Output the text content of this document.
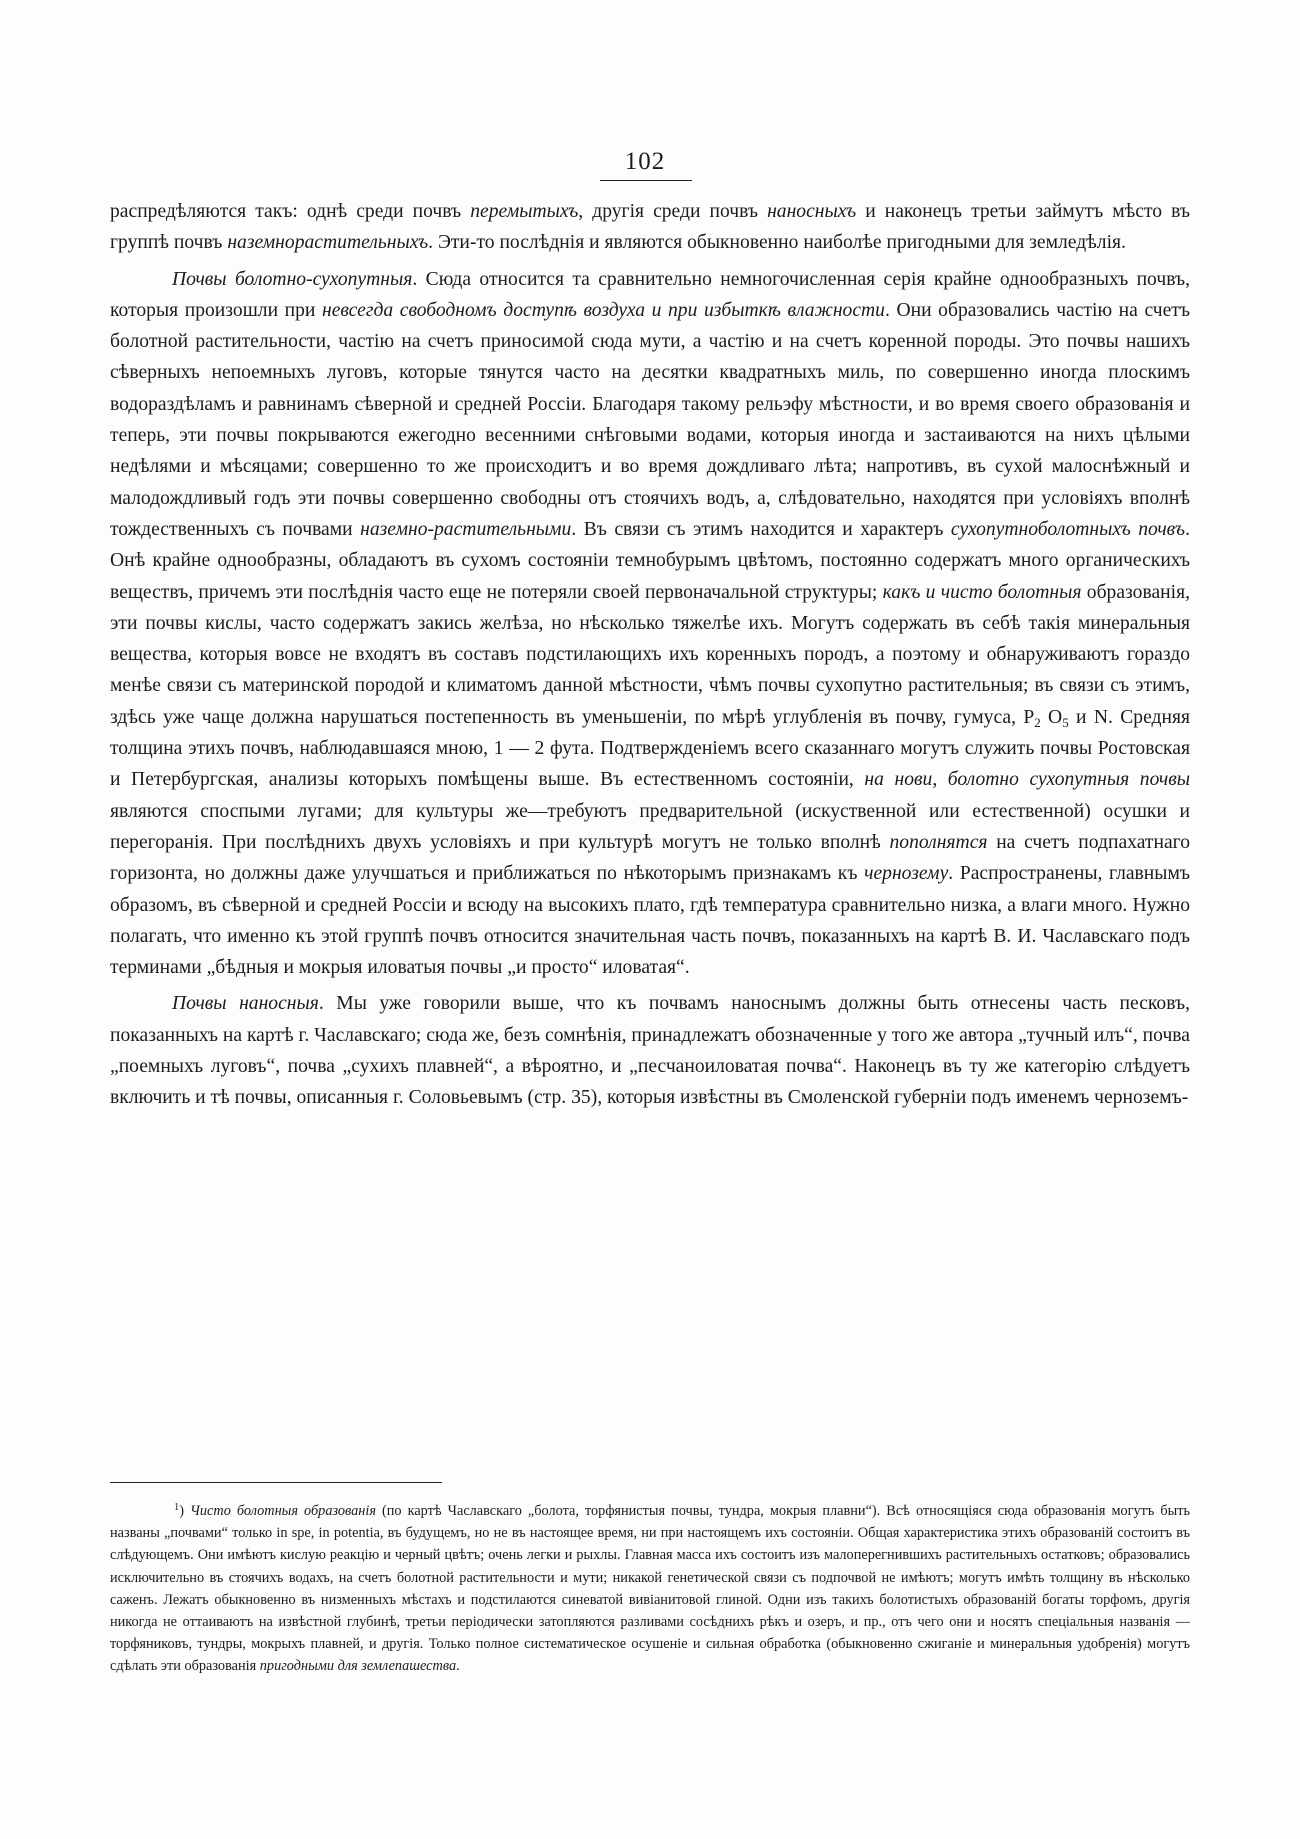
102

распредѣляются такъ: однѣ среди почвъ перемытыхъ, другія среди почвъ наносныхъ и наконецъ третьи займутъ мѣсто въ группѣ почвъ наземнорастительныхъ. Эти-то послѣднія и являются обыкновенно наиболѣе пригодными для земледѣлія.

Почвы болотно-сухопутныя. Сюда относится та сравнительно немногочисленная серія крайне однообразныхъ почвъ, которыя произошли при невсегда свободномъ доступѣ воздуха и при избыткѣ влажности. Они образовались частію на счетъ болотной растительности, частію на счетъ приносимой сюда мути, а частію и на счетъ коренной породы. Это почвы нашихъ сѣверныхъ непоемныхъ луговъ, которые тянутся часто на десятки квадратныхъ миль, по совершенно иногда плоскимъ водораздѣламъ и равнинамъ сѣверной и средней Россіи. Благодаря такому рельэфу мѣстности, и во время своего образованія и теперь, эти почвы покрываются ежегодно весенними снѣговыми водами, которыя иногда и застаиваются на нихъ цѣлыми недѣлями и мѣсяцами; совершенно то же происходитъ и во время дождливаго лѣта; напротивъ, въ сухой малоснѣжный и малодождливый годъ эти почвы совершенно свободны отъ стоячихъ водъ, а, слѣдовательно, находятся при условіяхъ вполнѣ тождественныхъ съ почвами наземно-растительными. Въ связи съ этимъ находится и характеръ сухопутноболотныхъ почвъ. Онѣ крайне однообразны, обладаютъ въ сухомъ состояніи темнобурымъ цвѣтомъ, постоянно содержатъ много органическихъ веществъ, причемъ эти послѣднія часто еще не потеряли своей первоначальной структуры; какъ и чисто болотныя образованія, эти почвы кислы, часто содержатъ закись желѣза, но нѣсколько тяжелѣе ихъ. Могутъ содержать въ себѣ такія минеральныя вещества, которыя вовсе не входятъ въ составъ подстилающихъ ихъ коренныхъ породъ, а поэтому и обнаруживаютъ гораздо менѣе связи съ материнской породой и климатомъ данной мѣстности, чѣмъ почвы сухопутно растительныя; въ связи съ этимъ, здѣсь уже чаще должна нарушаться постепенность въ уменьшеніи, по мѣрѣ углубленія въ почву, гумуса, $P_2$ $O_5$ и N. Средняя толщина этихъ почвъ, наблюдавшаяся мною, 1 — 2 фута. Подтвержденіемъ всего сказаннаго могутъ служить почвы Ростовская и Петербургская, анализы которыхъ помѣщены выше. Въ естественномъ состояніи, на нови, болотно сухопутныя почвы являются споспыми лугами; для культуры же—требуютъ предварительной (искуственной или естественной) осушки и перегоранія. При послѣднихъ двухъ условіяхъ и при культурѣ могутъ не только вполнѣ пополнятся на счетъ подпахатнаго горизонта, но должны даже улучшаться и приближаться по нѣкоторымъ признакамъ къ чернозему. Распространены, главнымъ образомъ, въ сѣверной и средней Россіи и всюду на высокихъ плато, гдѣ температура сравнительно низка, а влаги много. Нужно полагать, что именно къ этой группѣ почвъ относится значительная часть почвъ, показанныхъ на картѣ В. И. Чаславскаго подъ терминами „бѣдныя и мокрыя иловатыя почвы „и просто“ иловатая“.

Почвы наносныя. Мы уже говорили выше, что къ почвамъ наноснымъ должны быть отнесены часть песковъ, показанныхъ на картѣ г. Чаславскаго; сюда же, безъ сомнѣнія, принадлежатъ обозначенные у того же автора „тучный илъ“, почва „поемныхъ луговъ“, почва „сухихъ плавней“, а вѣроятно, и „песчаноиловатая почва“. Наконецъ въ ту же категорію слѣдуетъ включить и тѣ почвы, описанныя г. Соловьевымъ (стр. 35), которыя извѣстны въ Смоленской губерніи подъ именемъ черноземъ-

$^1$) Чисто болотныя образованія (по картѣ Чаславскаго „болота, торфянистыя почвы, тундра, мокрыя плавни“). Всѣ относящіяся сюда образованія могутъ быть названы „почвами“ только in spe, in potentia, въ будущемъ, но не въ настоящее время, ни при настоящемъ ихъ состояніи. Общая характеристика этихъ образованій состоитъ въ слѣдующемъ. Они имѣютъ кислую реакцію и черный цвѣтъ; очень легки и рыхлы. Главная масса ихъ состоитъ изъ малоперегнившихъ растительныхъ остатковъ; образовались исключительно въ стоячихъ водахъ, на счетъ болотной растительности и мути; никакой генетической связи съ подпочвой не имѣютъ; могутъ имѣть толщину въ нѣсколько саженъ. Лежатъ обыкновенно въ низменныхъ мѣстахъ и подстилаются синеватой вивіанитовой глиной. Одни изъ такихъ болотистыхъ образованій богаты торфомъ, другія никогда не оттаиваютъ на извѣстной глубинѣ, третьи періодически затопляются разливами сосѣднихъ рѣкъ и озеръ, и пр., отъ чего они и носятъ спеціальныя названія — торфяниковъ, тундры, мокрыхъ плавней, и другія. Только полное систематическое осушеніе и сильная обработка (обыкновенно сжиганіе и минеральныя удобренія) могутъ сдѣлать эти образованія пригодными для землепашества.
